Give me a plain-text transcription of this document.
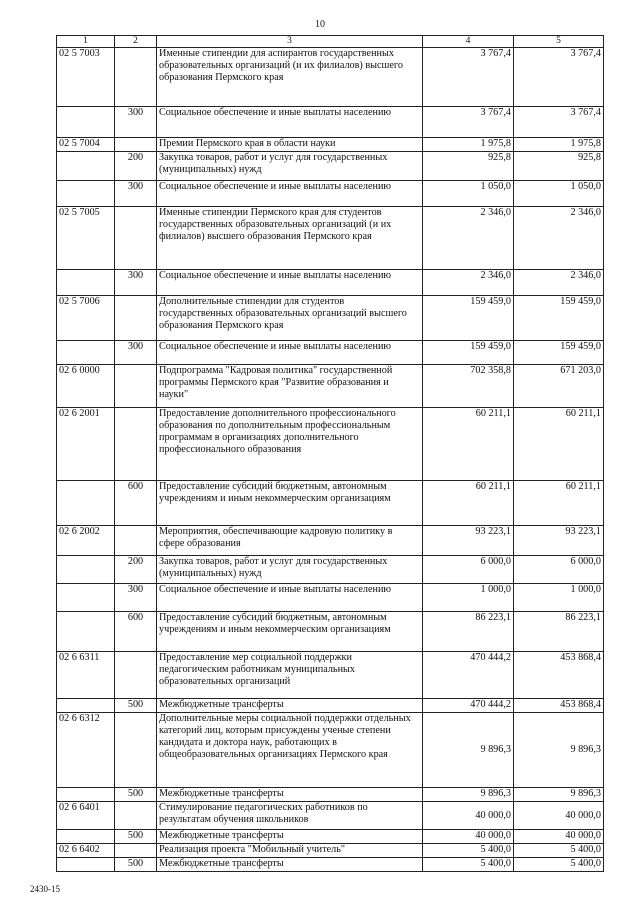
10
1	2	3	4	5
02 5 7003		Именные стипендии для аспирантов государственных образовательных организаций (и их филиалов) высшего образования Пермского края	3 767,4	3 767,4
	300	Социальное обеспечение и иные выплаты населению	3 767,4	3 767,4
02 5 7004		Премии Пермского края в области науки	1 975,8	1 975,8
	200	Закупка товаров, работ и услуг для государственных (муниципальных) нужд	925,8	925,8
	300	Социальное обеспечение и иные выплаты населению	1 050,0	1 050,0
02 5 7005		Именные стипендии Пермского края для студентов государственных образовательных организаций (и их филиалов) высшего образования Пермского края	2 346,0	2 346,0
	300	Социальное обеспечение и иные выплаты населению	2 346,0	2 346,0
02 5 7006		Дополнительные стипендии для студентов государственных образовательных организаций высшего образования Пермского края	159 459,0	159 459,0
	300	Социальное обеспечение и иные выплаты населению	159 459,0	159 459,0
02 6 0000		Подпрограмма "Кадровая политика" государственной программы Пермского края "Развитие образования и науки"	702 358,8	671 203,0
02 6 2001		Предоставление дополнительного профессионального образования по дополнительным профессиональным программам в организациях дополнительного профессионального образования	60 211,1	60 211,1
	600	Предоставление субсидий бюджетным, автономным учреждениям и иным некоммерческим организациям	60 211,1	60 211,1
02 6 2002		Мероприятия, обеспечивающие кадровую политику в сфере образования	93 223,1	93 223,1
	200	Закупка товаров, работ и услуг для государственных (муниципальных) нужд	6 000,0	6 000,0
	300	Социальное обеспечение и иные выплаты населению	1 000,0	1 000,0
	600	Предоставление субсидий бюджетным, автономным учреждениям и иным некоммерческим организациям	86 223,1	86 223,1
02 6 6311		Предоставление мер социальной поддержки педагогическим работникам муниципальных образовательных организаций	470 444,2	453 868,4
	500	Межбюджетные трансферты	470 444,2	453 868,4
02 6 6312		Дополнительные меры социальной поддержки отдельных категорий лиц, которым присуждены ученые степени кандидата и доктора наук, работающих в общеобразовательных организациях Пермского края	9 896,3	9 896,3
	500	Межбюджетные трансферты	9 896,3	9 896,3
02 6 6401		Стимулирование педагогических работников по результатам обучения школьников	40 000,0	40 000,0
	500	Межбюджетные трансферты	40 000,0	40 000,0
02 6 6402		Реализация проекта "Мобильный учитель"	5 400,0	5 400,0
	500	Межбюджетные трансферты	5 400,0	5 400,0
2430-15
